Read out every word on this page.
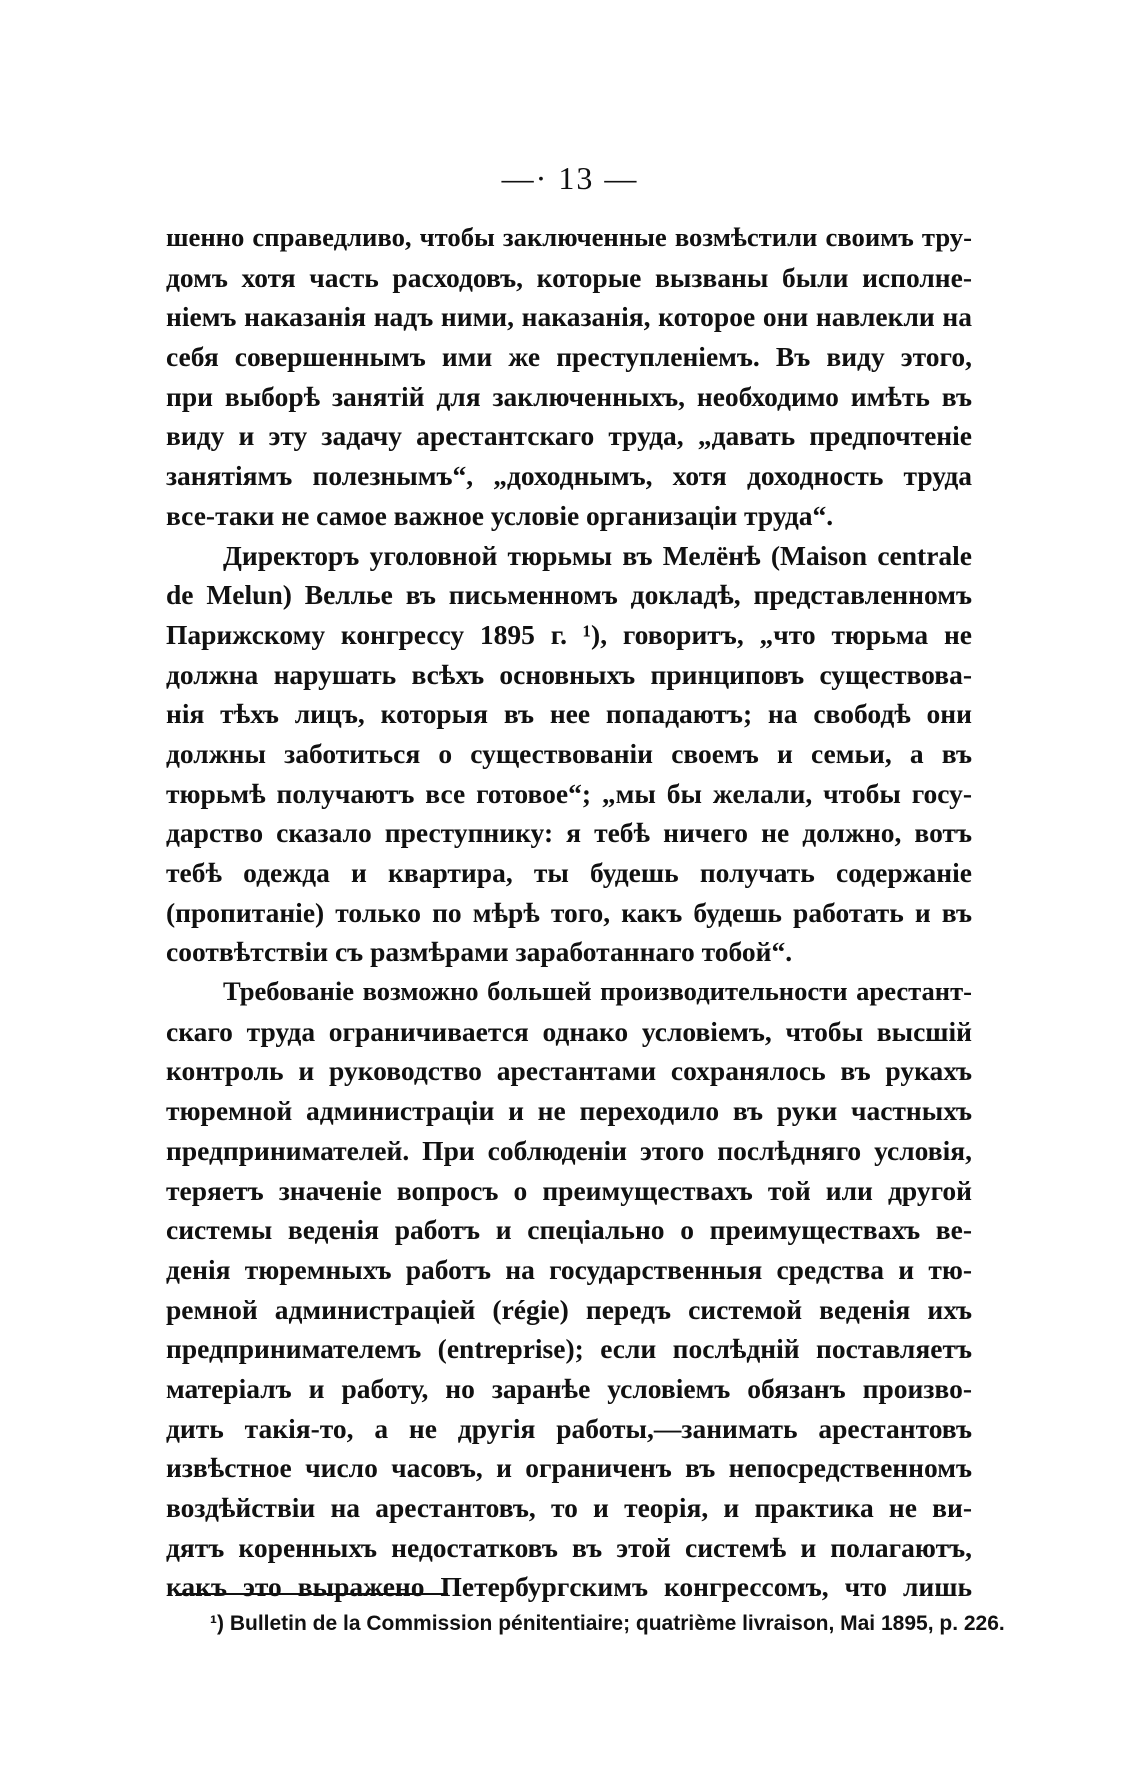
—· 13 —
шенно справедливо, чтобы заключенные возмѣстили своимъ тру-
домъ хотя часть расходовъ, которые вызваны были исполне-
ніемъ наказанія надъ ними, наказанія, которое они навлекли на
себя совершеннымъ ими же преступленіемъ. Въ виду этого,
при выборѣ занятій для заключенныхъ, необходимо имѣть въ
виду и эту задачу арестантскаго труда, „давать предпочтеніе
занятіямъ полезнымъ“, „доходнымъ, хотя доходность труда
все-таки не самое важное условіе организаціи труда“.
Директоръ уголовной тюрьмы въ Мелёнѣ (Maison centrale
de Melun) Веллье въ письменномъ докладѣ, представленномъ
Парижскому конгрессу 1895 г. ¹), говоритъ, „что тюрьма не
должна нарушать всѣхъ основныхъ принциповъ существова-
нія тѣхъ лицъ, которыя въ нее попадаютъ; на свободѣ они
должны заботиться о существованіи своемъ и семьи, а въ
тюрьмѣ получаютъ все готовое“; „мы бы желали, чтобы госу-
дарство сказало преступнику: я тебѣ ничего не должно, вотъ
тебѣ одежда и квартира, ты будешь получать содержаніе
(пропитаніе) только по мѣрѣ того, какъ будешь работать и въ
соотвѣтствіи съ размѣрами заработаннаго тобой“.
Требованіе возможно большей производительности арестант-
скаго труда ограничивается однако условіемъ, чтобы высшій
контроль и руководство арестантами сохранялось въ рукахъ
тюремной администраціи и не переходило въ руки частныхъ
предпринимателей. При соблюденіи этого послѣдняго условія,
теряетъ значеніе вопросъ о преимуществахъ той или другой
системы веденія работъ и спеціально о преимуществахъ ве-
денія тюремныхъ работъ на государственныя средства и тю-
ремной администраціей (régie) передъ системой веденія ихъ
предпринимателемъ (entreprise); если послѣдній поставляетъ
матеріалъ и работу, но заранѣе условіемъ обязанъ произво-
дить такія-то, а не другія работы,—занимать арестантовъ
извѣстное число часовъ, и ограниченъ въ непосредственномъ
воздѣйствіи на арестантовъ, то и теорія, и практика не ви-
дятъ коренныхъ недостатковъ въ этой системѣ и полагаютъ,
какъ это выражено Петербургскимъ конгрессомъ, что лишь
¹) Bulletin de la Commission pénitentiaire; quatrième livraison, Mai 1895, p. 226.
